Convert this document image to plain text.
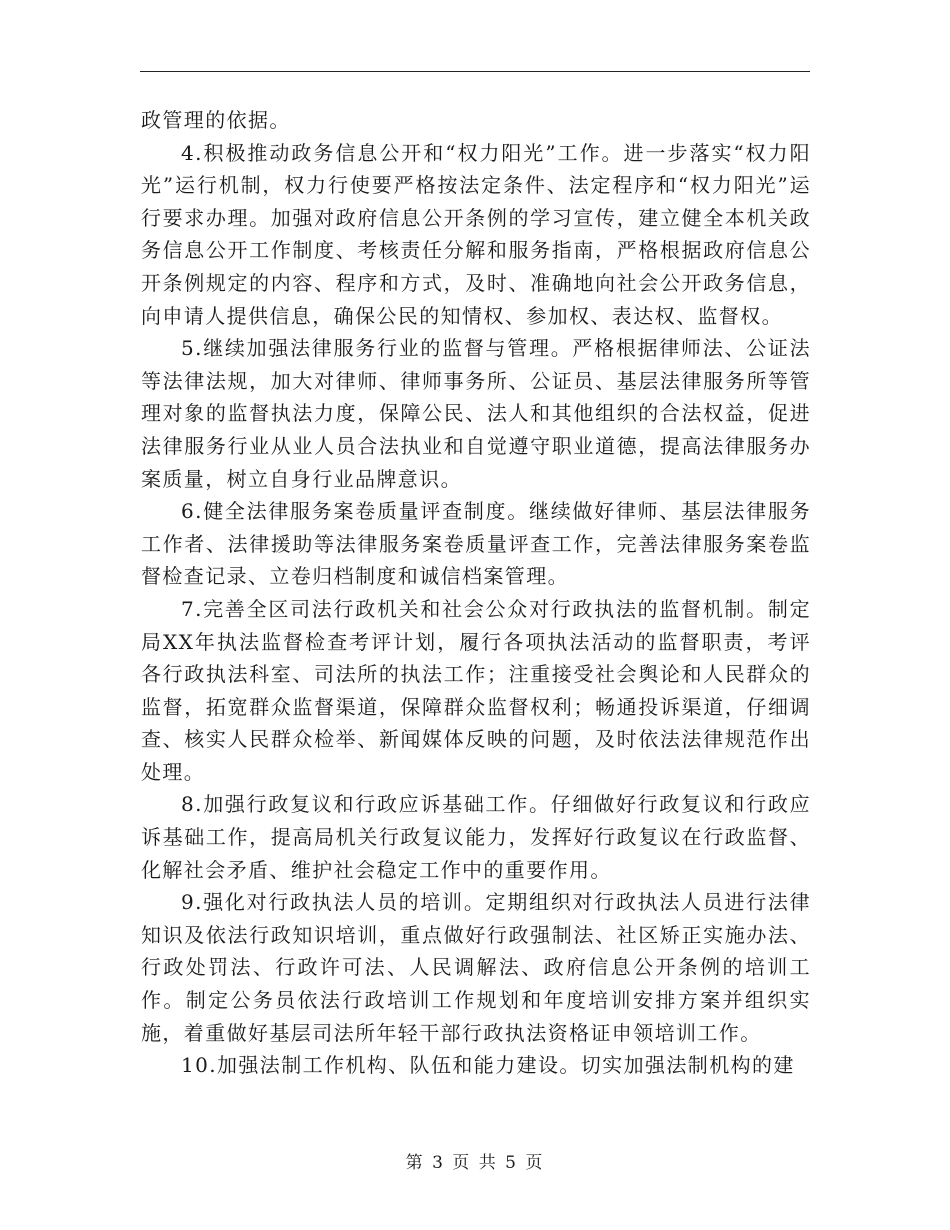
政管理的依据。

4.积极推动政务信息公开和“权力阳光”工作。进一步落实“权力阳光”运行机制，权力行使要严格按法定条件、法定程序和“权力阳光”运行要求办理。加强对政府信息公开条例的学习宣传，建立健全本机关政务信息公开工作制度、考核责任分解和服务指南，严格根据政府信息公开条例规定的内容、程序和方式，及时、准确地向社会公开政务信息，向申请人提供信息，确保公民的知情权、参加权、表达权、监督权。

5.继续加强法律服务行业的监督与管理。严格根据律师法、公证法等法律法规，加大对律师、律师事务所、公证员、基层法律服务所等管理对象的监督执法力度，保障公民、法人和其他组织的合法权益，促进法律服务行业从业人员合法执业和自觉遵守职业道德，提高法律服务办案质量，树立自身行业品牌意识。

6.健全法律服务案卷质量评查制度。继续做好律师、基层法律服务工作者、法律援助等法律服务案卷质量评查工作，完善法律服务案卷监督检查记录、立卷归档制度和诚信档案管理。

7.完善全区司法行政机关和社会公众对行政执法的监督机制。制定局XX年执法监督检查考评计划，履行各项执法活动的监督职责，考评各行政执法科室、司法所的执法工作；注重接受社会舆论和人民群众的监督，拓宽群众监督渠道，保障群众监督权利；畅通投诉渠道，仔细调查、核实人民群众检举、新闻媒体反映的问题，及时依法法律规范作出处理。

8.加强行政复议和行政应诉基础工作。仔细做好行政复议和行政应诉基础工作，提高局机关行政复议能力，发挥好行政复议在行政监督、化解社会矛盾、维护社会稳定工作中的重要作用。

9.强化对行政执法人员的培训。定期组织对行政执法人员进行法律知识及依法行政知识培训，重点做好行政强制法、社区矫正实施办法、行政处罚法、行政许可法、人民调解法、政府信息公开条例的培训工作。制定公务员依法行政培训工作规划和年度培训安排方案并组织实施，着重做好基层司法所年轻干部行政执法资格证申领培训工作。

10.加强法制工作机构、队伍和能力建设。切实加强法制机构的建

第 3 页 共 5 页
